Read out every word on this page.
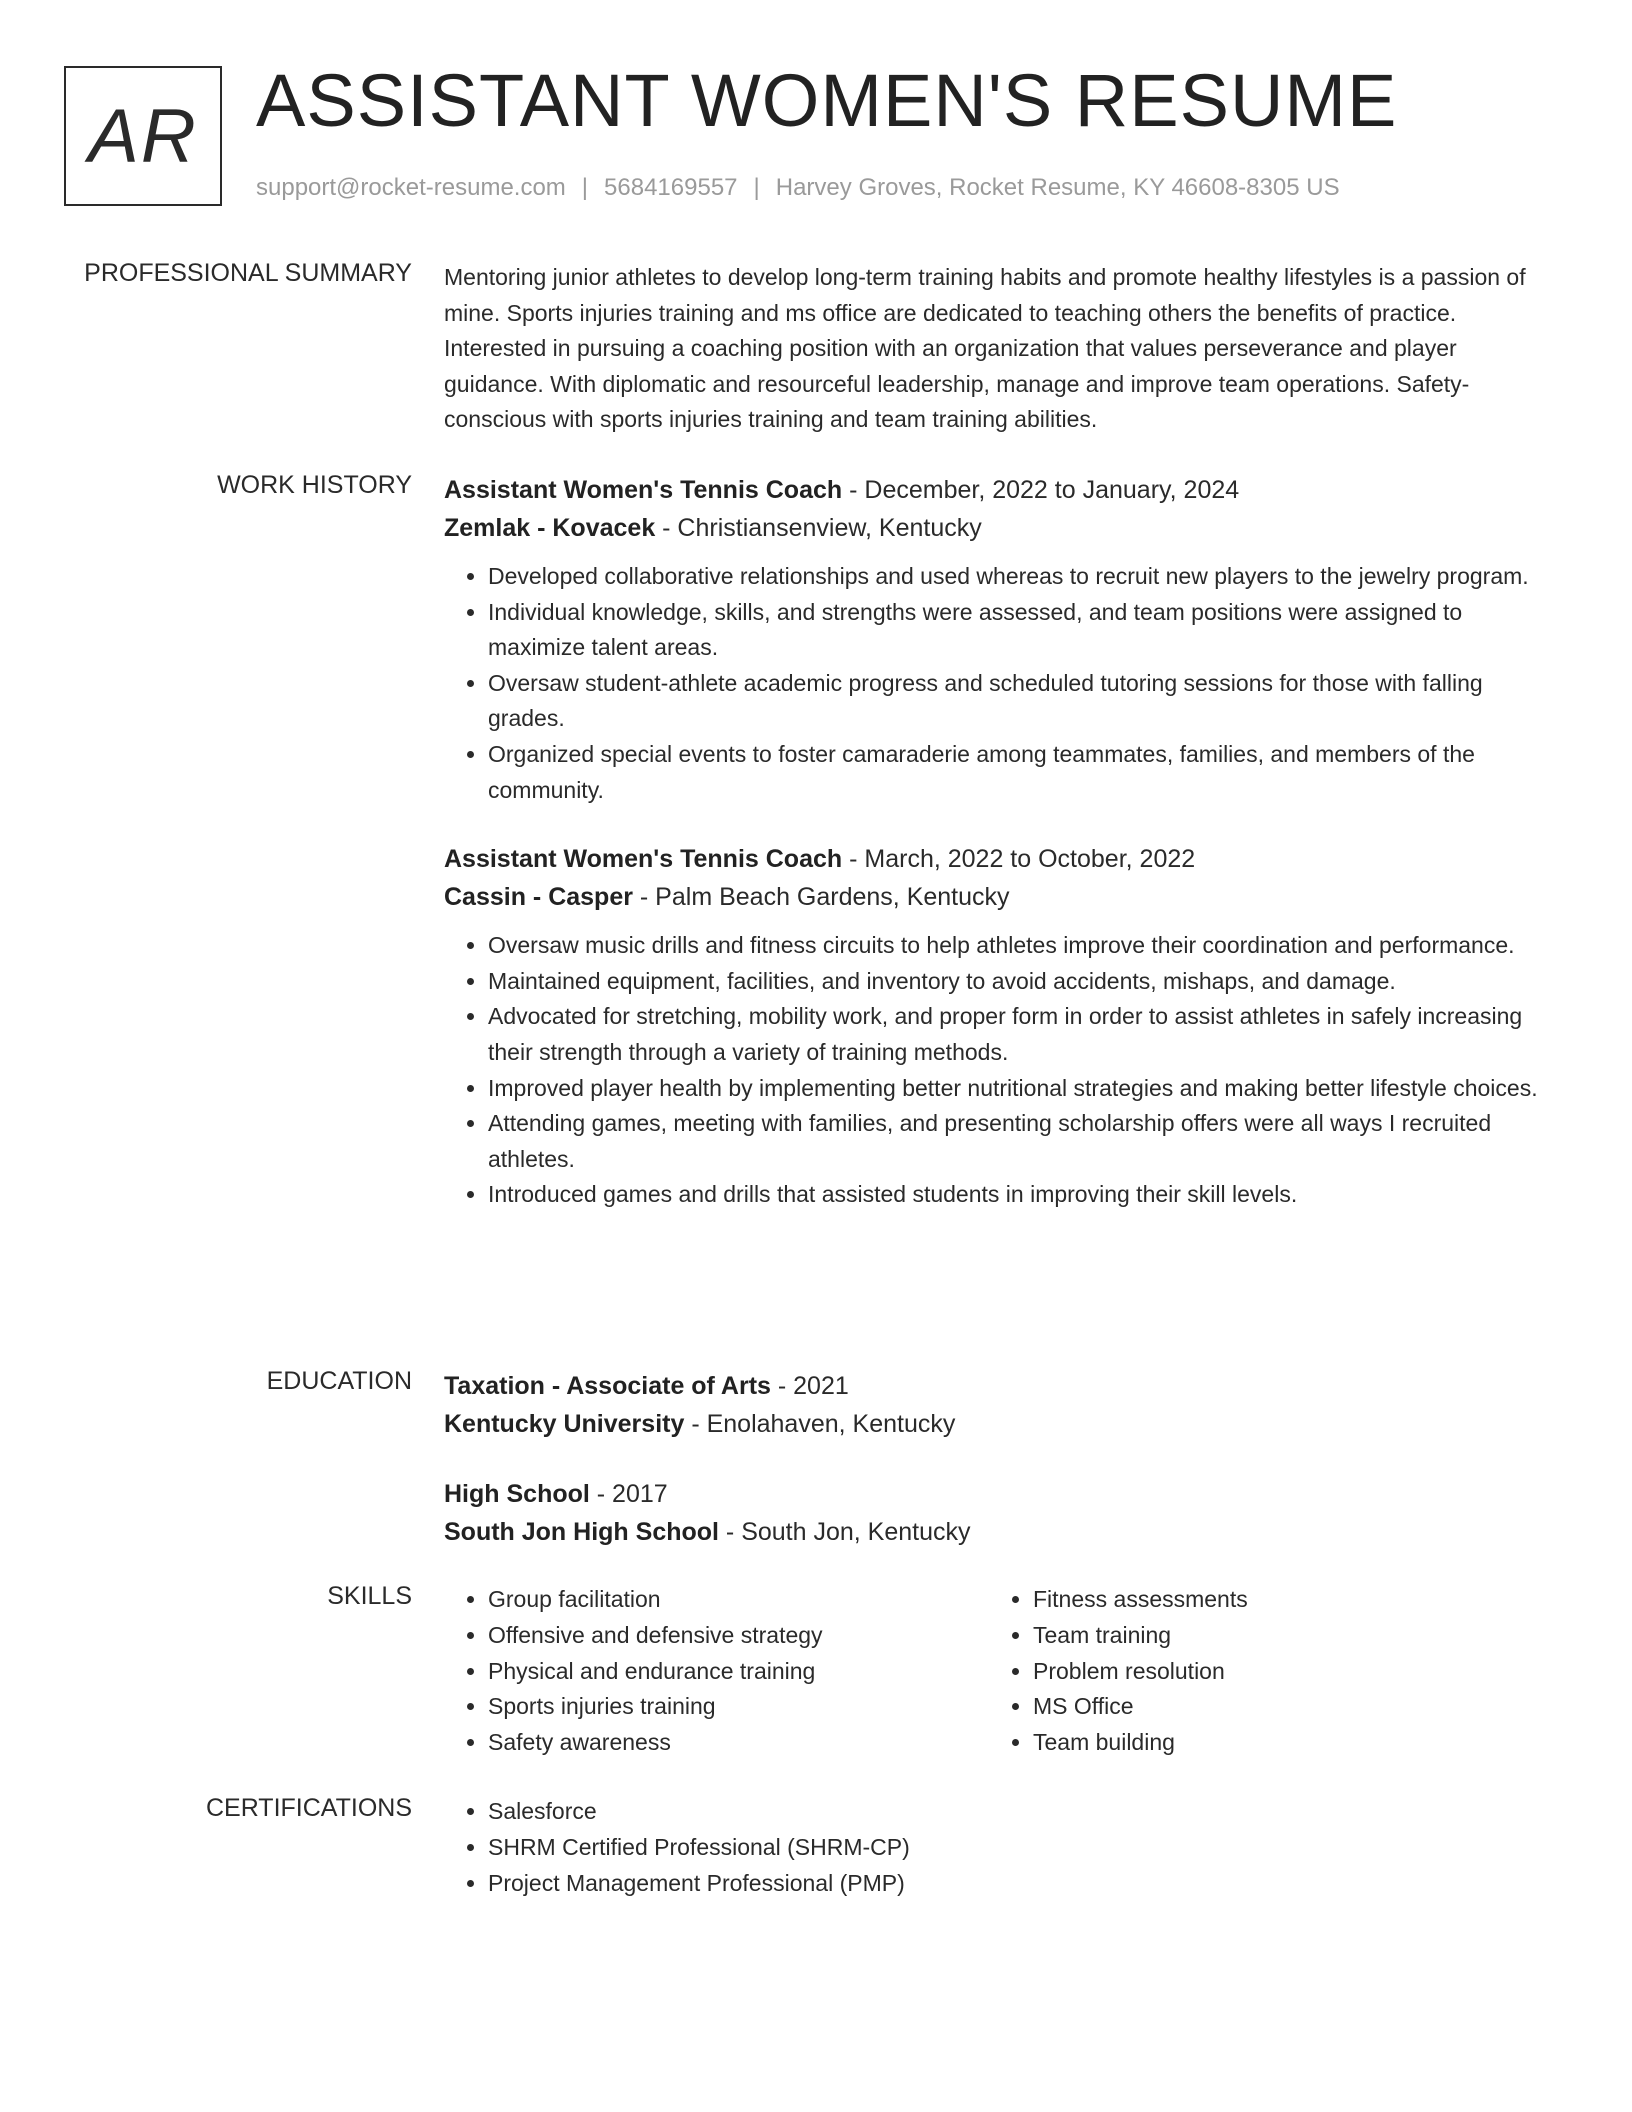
AR ASSISTANT WOMEN'S RESUME
support@rocket-resume.com | 5684169557 | Harvey Groves, Rocket Resume, KY 46608-8305 US
PROFESSIONAL SUMMARY Mentoring junior athletes to develop long-term training habits and promote healthy lifestyles is a passion of mine. Sports injuries training and ms office are dedicated to teaching others the benefits of practice. Interested in pursuing a coaching position with an organization that values perseverance and player guidance. With diplomatic and resourceful leadership, manage and improve team operations. Safety-conscious with sports injuries training and team training abilities.

WORK HISTORY Assistant Women's Tennis Coach - December, 2022 to January, 2024
Zemlak - Kovacek - Christiansenview, Kentucky
• Developed collaborative relationships and used whereas to recruit new players to the jewelry program.
• Individual knowledge, skills, and strengths were assessed, and team positions were assigned to maximize talent areas.
• Oversaw student-athlete academic progress and scheduled tutoring sessions for those with falling grades.
• Organized special events to foster camaraderie among teammates, families, and members of the community.
Assistant Women's Tennis Coach - March, 2022 to October, 2022
Cassin - Casper - Palm Beach Gardens, Kentucky
• Oversaw music drills and fitness circuits to help athletes improve their coordination and performance.
• Maintained equipment, facilities, and inventory to avoid accidents, mishaps, and damage.
• Advocated for stretching, mobility work, and proper form in order to assist athletes in safely increasing their strength through a variety of training methods.
• Improved player health by implementing better nutritional strategies and making better lifestyle choices.
• Attending games, meeting with families, and presenting scholarship offers were all ways I recruited athletes.
• Introduced games and drills that assisted students in improving their skill levels.
EDUCATION Taxation - Associate of Arts - 2021
Kentucky University - Enolahaven, Kentucky
High School - 2017
South Jon High School - South Jon, Kentucky
SKILLS	• Group facilitation
• Offensive and defensive strategy
• Physical and endurance training
• Sports injuries training
• Safety awareness
• Fitness assessments
• Team training
• Problem resolution
• MS Office
• Team building
CERTIFICATIONS	• Salesforce
• SHRM Certified Professional (SHRM-CP)
• Project Management Professional (PMP)
